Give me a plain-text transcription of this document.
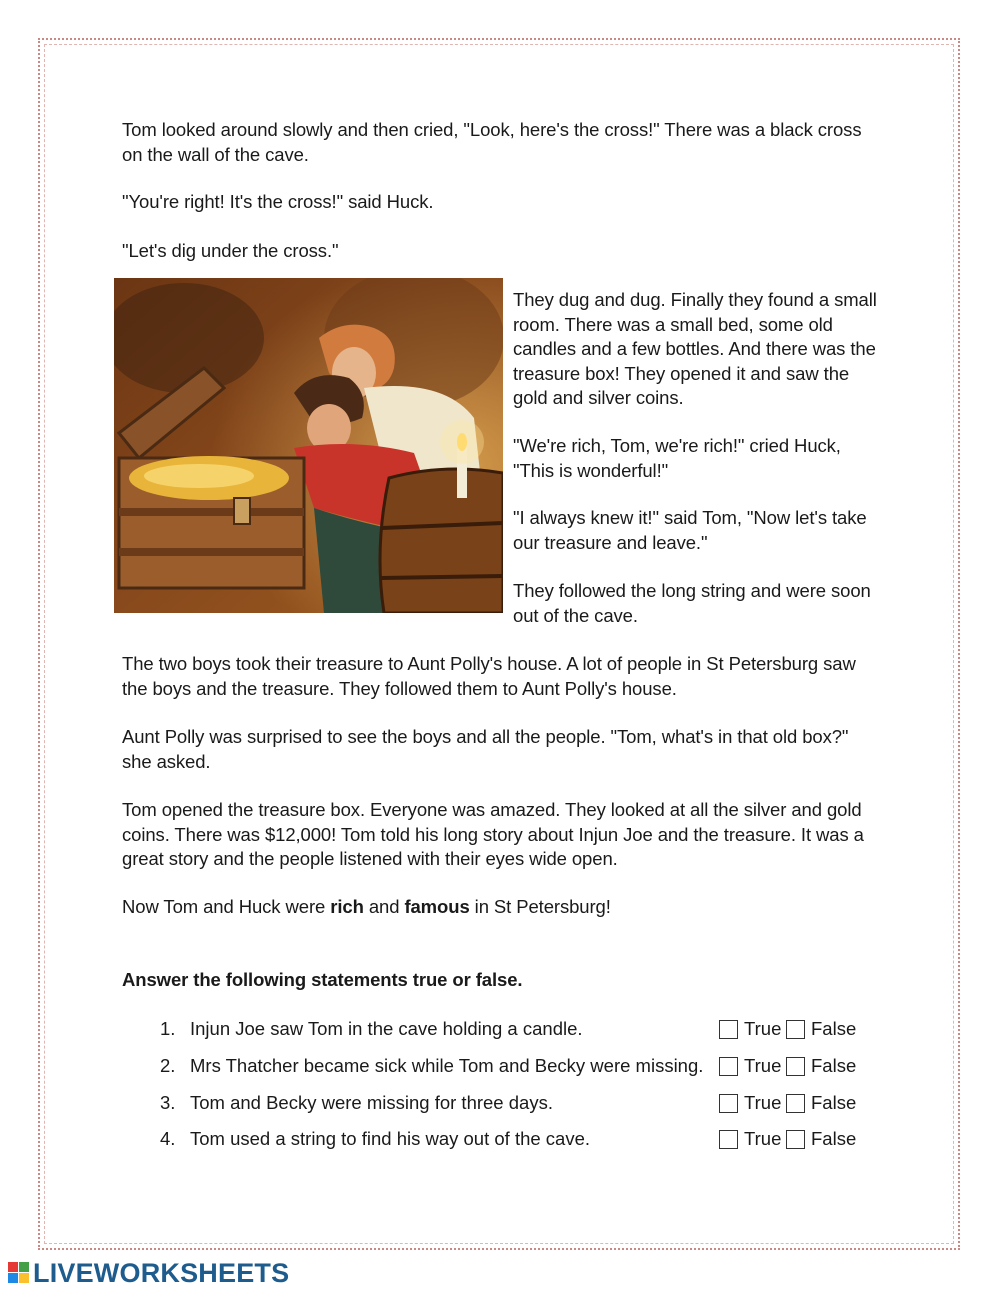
Tom looked around slowly and then cried, "Look, here's the cross!" There was a black cross on the wall of the cave.

"You're right! It's the cross!" said Huck.

"Let's dig under the cross."

They dug and dug. Finally they found a small room. There was a small bed, some old candles and a few bottles. And there was the treasure box! They opened it and saw the gold and silver coins.

"We're rich, Tom, we're rich!" cried Huck, "This is wonderful!"

"I always knew it!" said Tom, "Now let's take our treasure and leave."

They followed the long string and were soon out of the cave.

The two boys took their treasure to Aunt Polly's house. A lot of people in St Petersburg saw the boys and the treasure. They followed them to Aunt Polly's house.

Aunt Polly was surprised to see the boys and all the people. "Tom, what's in that old box?" she asked.

Tom opened the treasure box. Everyone was amazed. They looked at all the silver and gold coins. There was $12,000! Tom told his long story about Injun Joe and the treasure. It was a great story and the people listened with their eyes wide open.

Now Tom and Huck were rich and famous in St Petersburg!

Answer the following statements true or false.

1. Injun Joe saw Tom in the cave holding a candle.	True False
2. Mrs Thatcher became sick while Tom and Becky were missing. True False
3. Tom and Becky were missing for three days.	True False
4. Tom used a string to find his way out of the cave.	True False
LIVEWORKSHEETS
